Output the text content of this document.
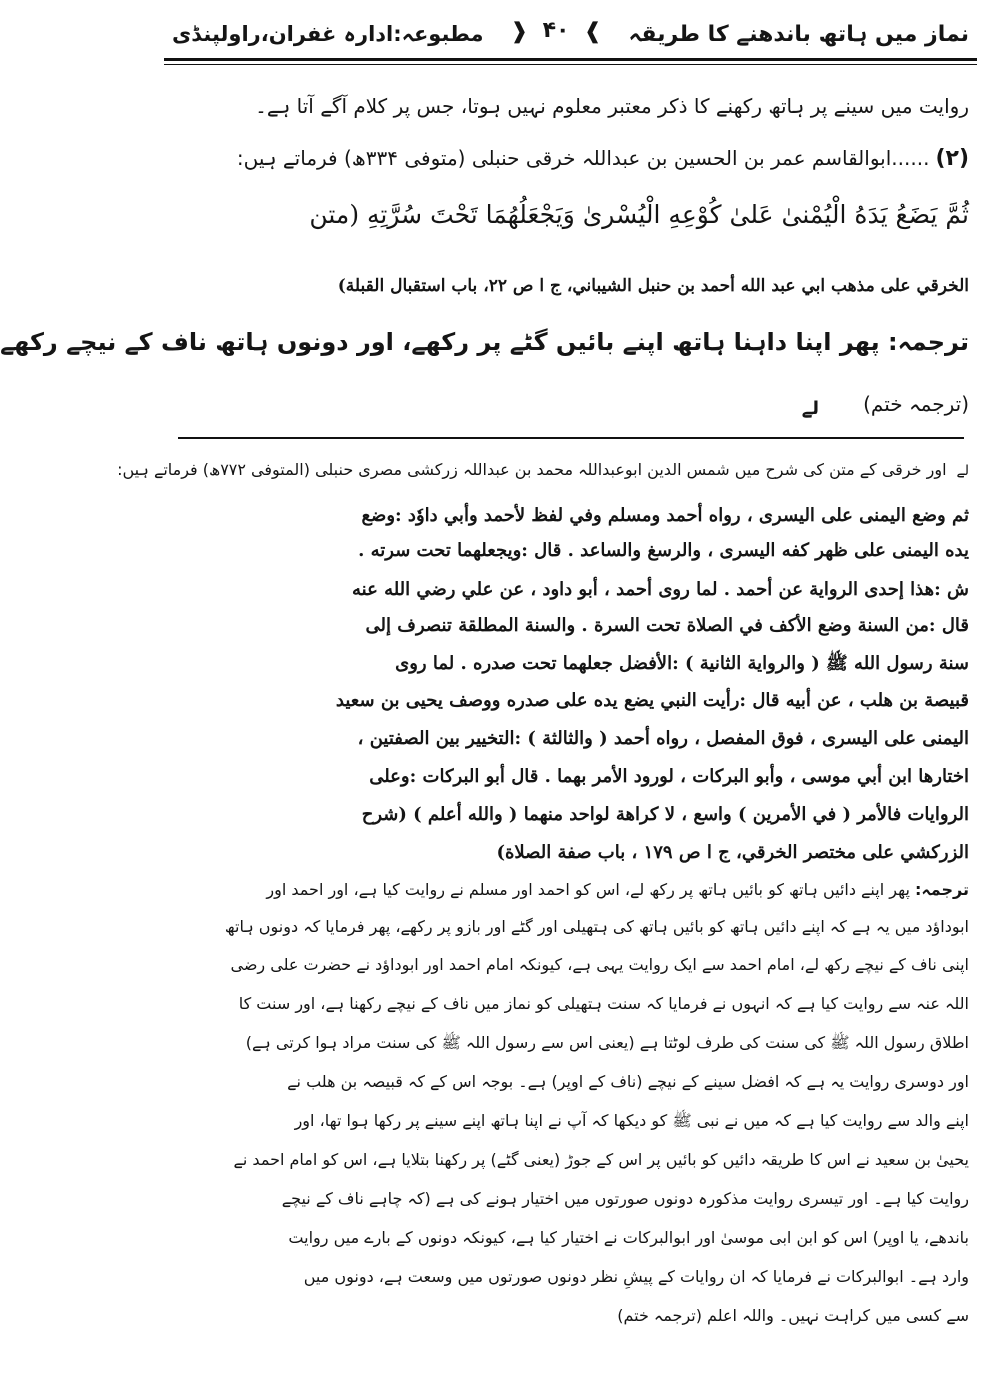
نماز میں ہاتھ باندھنے کا طریقہ
❱
۴۰
❰
مطبوعہ:ادارہ غفران،راولپنڈی
روایت میں سینے پر ہاتھ رکھنے کا ذکر معتبر معلوم نہیں ہوتا، جس پر کلام آگے آتا ہے۔
(۲)......ابوالقاسم عمر بن الحسین بن عبداللہ خرقی حنبلی (متوفی ۳۳۴ھ) فرماتے ہیں:
ثُمَّ يَضَعُ يَدَهُ الْيُمْنىٰ عَلىٰ كُوْعِهِ الْيُسْرىٰ وَيَجْعَلُهُمَا تَحْتَ سُرَّتِهِ (متن
الخرقي على مذهب ابي عبد الله أحمد بن حنبل الشيباني، ج ا ص ٢٢، باب استقبال القبلة)
ترجمہ: پھر اپنا داہنا ہاتھ اپنے بائیں گٹے پر رکھے، اور دونوں ہاتھ ناف کے نیچے رکھے
(ترجمہ ختم)
لے
لےاور خرقی کے متن کی شرح میں شمس الدین ابوعبداللہ محمد بن عبداللہ زرکشی مصری حنبلی (المتوفی ۷۷۲ھ) فرماتے ہیں:
ثم وضع اليمنى على اليسرى ، رواه أحمد ومسلم وفي لفظ لأحمد وأبي داوٗد :وضع
يده اليمنى على ظهر كفه اليسرى ، والرسغ والساعد . قال :ويجعلهما تحت سرته .
ش :هذا إحدى الرواية عن أحمد . لما روى أحمد ، أبو داود ، عن علي رضي الله عنه
قال :من السنة وضع الأكف في الصلاة تحت السرة . والسنة المطلقة تنصرف إلى
سنة رسول الله ﷺ ( والرواية الثانية ) :الأفضل جعلهما تحت صدره . لما روى
قبيصة بن هلب ، عن أبيه قال :رأيت النبي يضع يده على صدره ووصف يحيى بن سعيد
اليمنى على اليسرى ، فوق المفصل ، رواه أحمد ( والثالثة ) :التخيير بين الصفتين ،
اختارها ابن أبي موسى ، وأبو البركات ، لورود الأمر بهما . قال أبو البركات :وعلى
الروايات فالأمر ( في الأمرين ) واسع ، لا كراهة لواحد منهما ( والله أعلم ) (شرح
الزركشي على مختصر الخرقي، ج ا ص ١٧٩ ، باب صفة الصلاة)
ترجمہ: پھر اپنے دائیں ہاتھ کو بائیں ہاتھ پر رکھ لے، اس کو احمد اور مسلم نے روایت کیا ہے، اور احمد اور
ابوداؤد میں یہ ہے کہ اپنے دائیں ہاتھ کو بائیں ہاتھ کی ہتھیلی اور گٹے اور بازو پر رکھے، پھر فرمایا کہ دونوں ہاتھ
اپنی ناف کے نیچے رکھ لے، امام احمد سے ایک روایت یہی ہے، کیونکہ امام احمد اور ابوداؤد نے حضرت علی رضی
اللہ عنہ سے روایت کیا ہے کہ انہوں نے فرمایا کہ سنت ہتھیلی کو نماز میں ناف کے نیچے رکھنا ہے، اور سنت کا
اطلاق رسول اللہ ﷺ کی سنت کی طرف لوٹتا ہے (یعنی اس سے رسول اللہ ﷺ کی سنت مراد ہوا کرتی ہے)
اور دوسری روایت یہ ہے کہ افضل سینے کے نیچے (ناف کے اوپر) ہے۔ بوجہ اس کے کہ قبیصہ بن ھلب نے
اپنے والد سے روایت کیا ہے کہ میں نے نبی ﷺ کو دیکھا کہ آپ نے اپنا ہاتھ اپنے سینے پر رکھا ہوا تھا، اور
یحییٰ بن سعید نے اس کا طریقہ دائیں کو بائیں پر اس کے جوڑ (یعنی گٹے) پر رکھنا بتلایا ہے، اس کو امام احمد نے
روایت کیا ہے۔ اور تیسری روایت مذکورہ دونوں صورتوں میں اختیار ہونے کی ہے (کہ چاہے ناف کے نیچے
باندھے، یا اوپر) اس کو ابن ابی موسیٰ اور ابوالبرکات نے اختیار کیا ہے، کیونکہ دونوں کے بارے میں روایت
وارد ہے۔ ابوالبرکات نے فرمایا کہ ان روایات کے پیشِ نظر دونوں صورتوں میں وسعت ہے، دونوں میں
سے کسی میں کراہت نہیں۔ واللہ اعلم (ترجمہ ختم)
